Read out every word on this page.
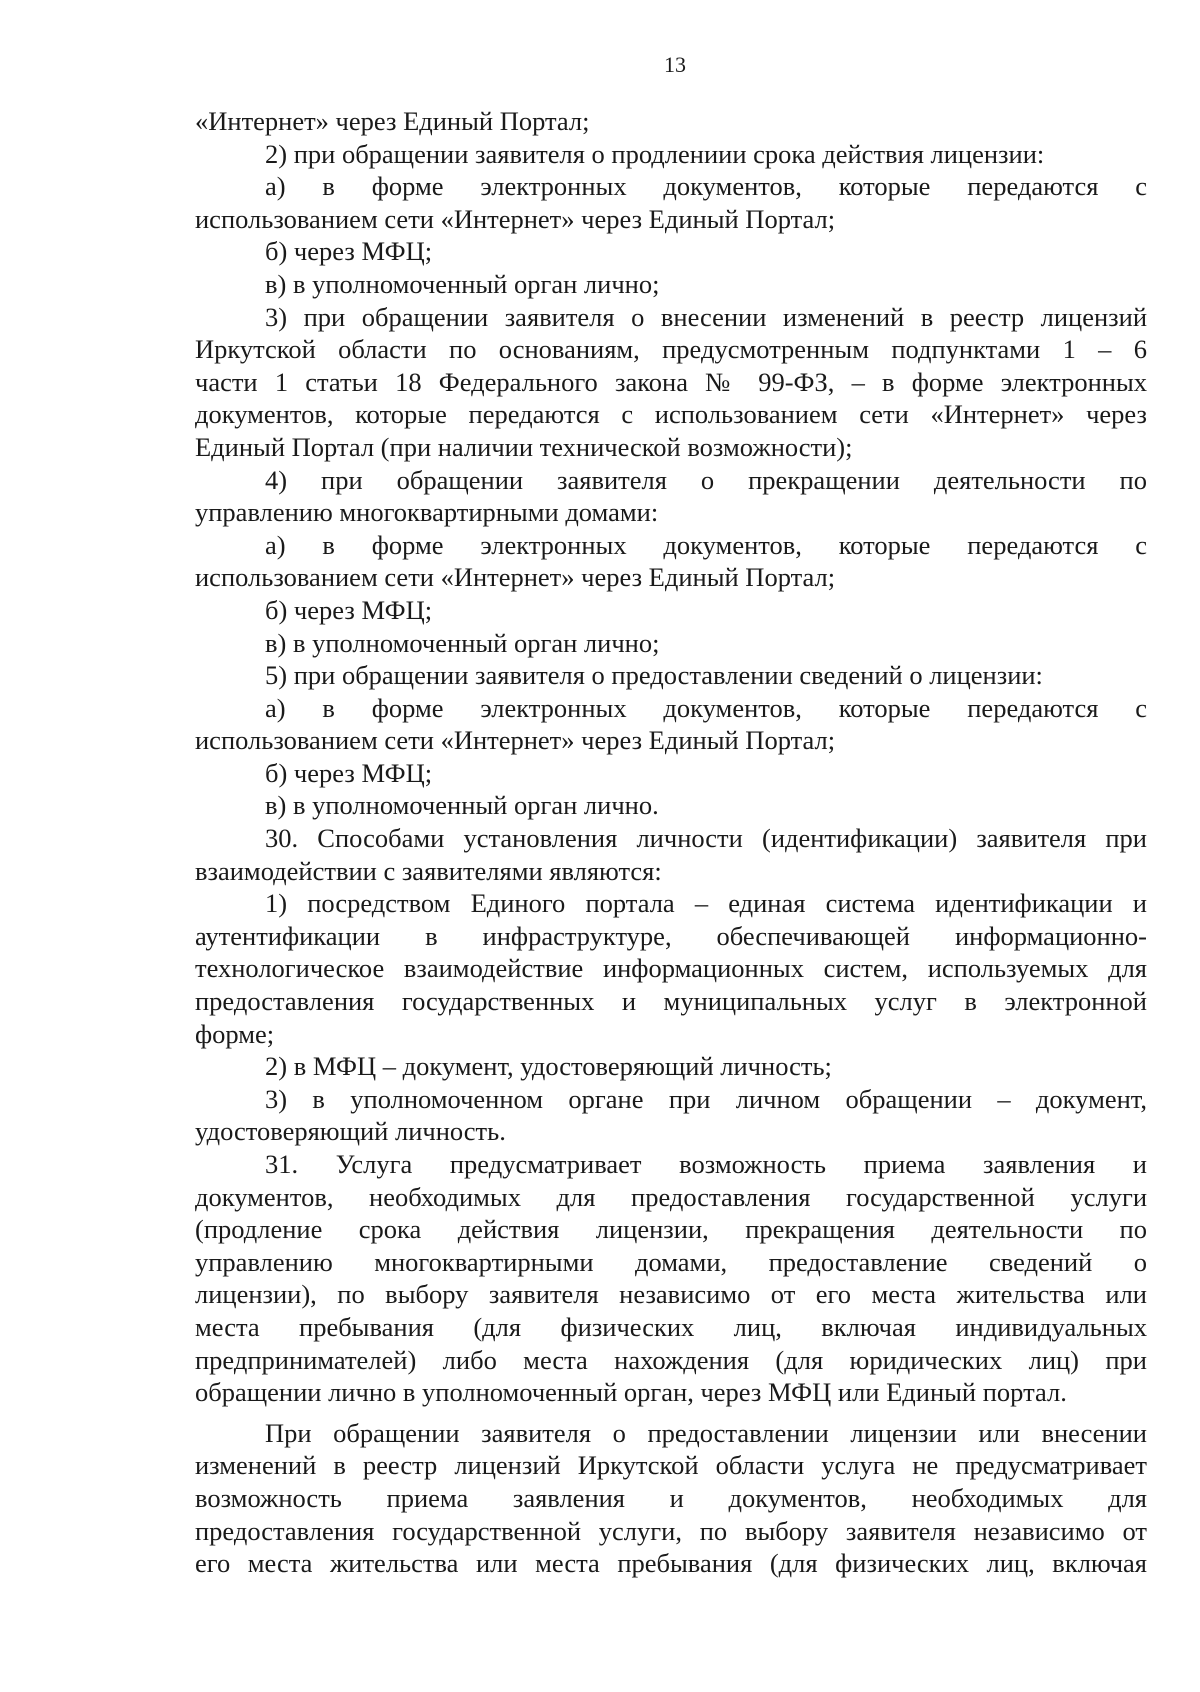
13
«Интернет» через Единый Портал;
2) при обращении заявителя о продлениии срока действия лицензии:
а) в форме электронных документов, которые передаются с
использованием сети «Интернет» через Единый Портал;
б) через МФЦ;
в) в уполномоченный орган лично;
3) при обращении заявителя о внесении изменений в реестр лицензий
Иркутской области по основаниям, предусмотренным подпунктами 1 – 6
части 1 статьи 18 Федерального закона № 99-ФЗ, – в форме электронных
документов, которые передаются с использованием сети «Интернет» через
Единый Портал (при наличии технической возможности);
4) при обращении заявителя о прекращении деятельности по
управлению многоквартирными домами:
а) в форме электронных документов, которые передаются с
использованием сети «Интернет» через Единый Портал;
б) через МФЦ;
в) в уполномоченный орган лично;
5) при обращении заявителя о предоставлении сведений о лицензии:
а) в форме электронных документов, которые передаются с
использованием сети «Интернет» через Единый Портал;
б) через МФЦ;
в) в уполномоченный орган лично.
30. Способами установления личности (идентификации) заявителя при
взаимодействии с заявителями являются:
1) посредством Единого портала – единая система идентификации и
аутентификации в инфраструктуре, обеспечивающей информационно-
технологическое взаимодействие информационных систем, используемых для
предоставления государственных и муниципальных услуг в электронной
форме;
2) в МФЦ – документ, удостоверяющий личность;
3) в уполномоченном органе при личном обращении – документ,
удостоверяющий личность.
31. Услуга предусматривает возможность приема заявления и
документов, необходимых для предоставления государственной услуги
(продление срока действия лицензии, прекращения деятельности по
управлению многоквартирными домами, предоставление сведений о
лицензии), по выбору заявителя независимо от его места жительства или
места пребывания (для физических лиц, включая индивидуальных
предпринимателей) либо места нахождения (для юридических лиц) при
обращении лично в уполномоченный орган, через МФЦ или Единый портал.
При обращении заявителя о предоставлении лицензии или внесении
изменений в реестр лицензий Иркутской области услуга не предусматривает
возможность приема заявления и документов, необходимых для
предоставления государственной услуги, по выбору заявителя независимо от
его места жительства или места пребывания (для физических лиц, включая
